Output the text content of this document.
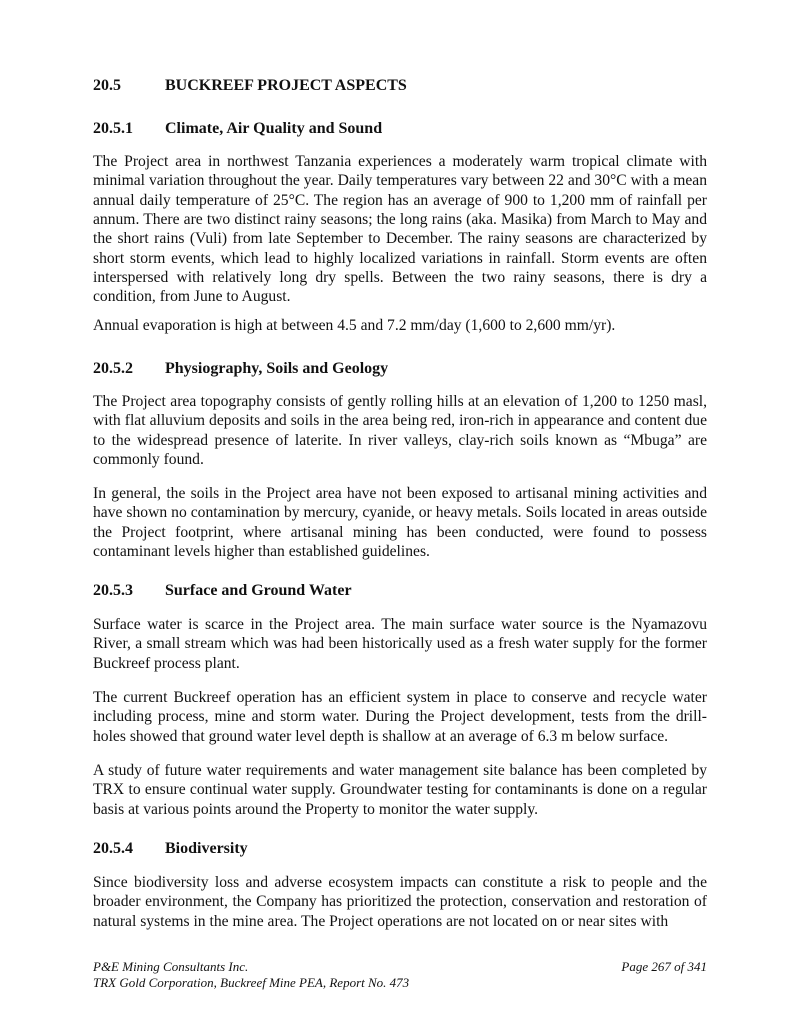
20.5	BUCKREEF PROJECT ASPECTS
20.5.1 Climate, Air Quality and Sound

The Project area in northwest Tanzania experiences a moderately warm tropical climate with minimal variation throughout the year. Daily temperatures vary between 22 and 30°C with a mean annual daily temperature of 25°C. The region has an average of 900 to 1,200 mm of rainfall per annum. There are two distinct rainy seasons; the long rains (aka. Masika) from March to May and the short rains (Vuli) from late September to December. The rainy seasons are characterized by short storm events, which lead to highly localized variations in rainfall. Storm events are often interspersed with relatively long dry spells. Between the two rainy seasons, there is dry a condition, from June to August.

Annual evaporation is high at between 4.5 and 7.2 mm/day (1,600 to 2,600 mm/yr).

20.5.2 Physiography, Soils and Geology

The Project area topography consists of gently rolling hills at an elevation of 1,200 to 1250 masl, with flat alluvium deposits and soils in the area being red, iron-rich in appearance and content due to the widespread presence of laterite. In river valleys, clay-rich soils known as “Mbuga” are commonly found.

In general, the soils in the Project area have not been exposed to artisanal mining activities and have shown no contamination by mercury, cyanide, or heavy metals. Soils located in areas outside the Project footprint, where artisanal mining has been conducted, were found to possess contaminant levels higher than established guidelines.

20.5.3 Surface and Ground Water

Surface water is scarce in the Project area. The main surface water source is the Nyamazovu River, a small stream which was had been historically used as a fresh water supply for the former Buckreef process plant.

The current Buckreef operation has an efficient system in place to conserve and recycle water including process, mine and storm water. During the Project development, tests from the drill-holes showed that ground water level depth is shallow at an average of 6.3 m below surface.

A study of future water requirements and water management site balance has been completed by TRX to ensure continual water supply. Groundwater testing for contaminants is done on a regular basis at various points around the Property to monitor the water supply.

20.5.4 Biodiversity

Since biodiversity loss and adverse ecosystem impacts can constitute a risk to people and the broader environment, the Company has prioritized the protection, conservation and restoration of natural systems in the mine area. The Project operations are not located on or near sites with

P&E Mining Consultants Inc.
TRX Gold Corporation, Buckreef Mine PEA, Report No. 473
Page 267 of 341
